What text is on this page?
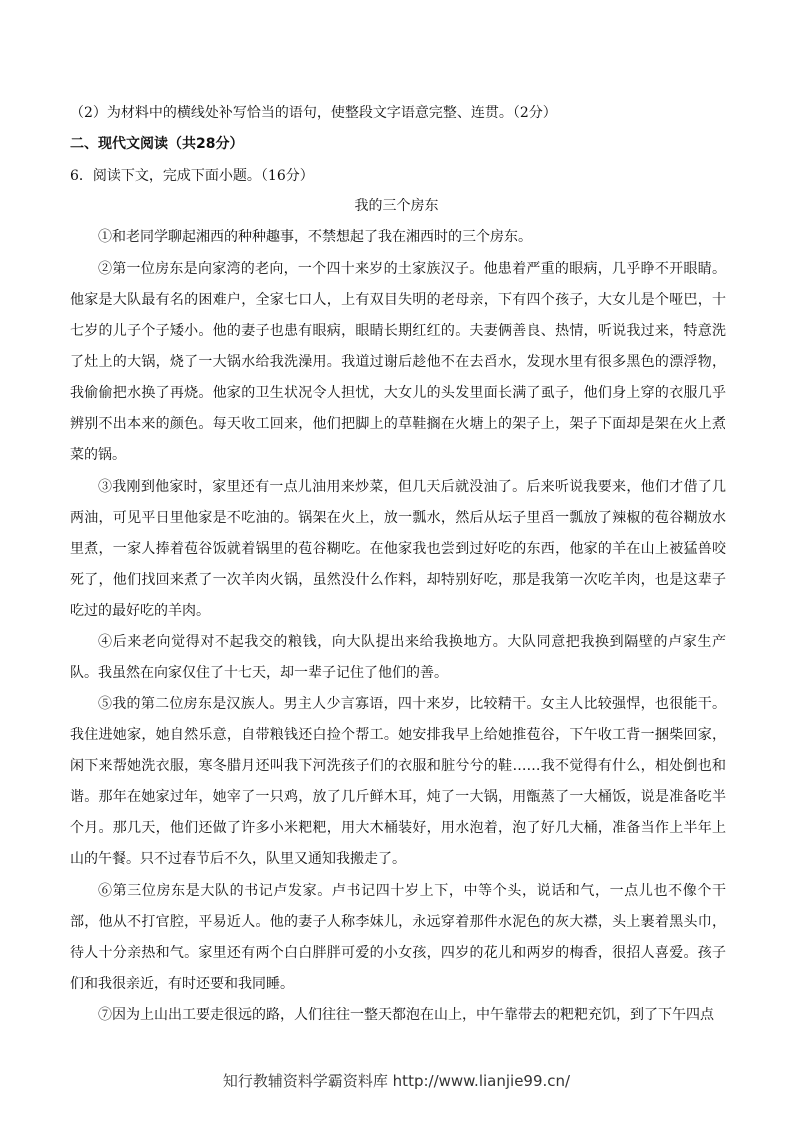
（2）为材料中的横线处补写恰当的语句，使整段文字语意完整、连贯。（2分）
二、现代文阅读（共28分）
6．阅读下文，完成下面小题。（16分）
我的三个房东

①和老同学聊起湘西的种种趣事，不禁想起了我在湘西时的三个房东。

②第一位房东是向家湾的老向，一个四十来岁的土家族汉子。他患着严重的眼病，几乎睁不开眼睛。他家是大队最有名的困难户，全家七口人，上有双目失明的老母亲，下有四个孩子，大女儿是个哑巴，十七岁的儿子个子矮小。他的妻子也患有眼病，眼睛长期红红的。夫妻俩善良、热情，听说我过来，特意洗了灶上的大锅，烧了一大锅水给我洗澡用。我道过谢后趁他不在去舀水，发现水里有很多黑色的漂浮物，我偷偷把水换了再烧。他家的卫生状况令人担忧，大女儿的头发里面长满了虱子，他们身上穿的衣服几乎辨别不出本来的颜色。每天收工回来，他们把脚上的草鞋搁在火塘上的架子上，架子下面却是架在火上煮菜的锅。

③我刚到他家时，家里还有一点儿油用来炒菜，但几天后就没油了。后来听说我要来，他们才借了几两油，可见平日里他家是不吃油的。锅架在火上，放一瓢水，然后从坛子里舀一瓢放了辣椒的苞谷糊放水里煮，一家人捧着苞谷饭就着锅里的苞谷糊吃。在他家我也尝到过好吃的东西，他家的羊在山上被猛兽咬死了，他们找回来煮了一次羊肉火锅，虽然没什么作料，却特别好吃，那是我第一次吃羊肉，也是这辈子吃过的最好吃的羊肉。

④后来老向觉得对不起我交的粮钱，向大队提出来给我换地方。大队同意把我换到隔壁的卢家生产队。我虽然在向家仅住了十七天，却一辈子记住了他们的善。

⑤我的第二位房东是汉族人。男主人少言寡语，四十来岁，比较精干。女主人比较强悍，也很能干。我住进她家，她自然乐意，自带粮钱还白捡个帮工。她安排我早上给她推苞谷，下午收工背一捆柴回家，闲下来帮她洗衣服，寒冬腊月还叫我下河洗孩子们的衣服和脏兮兮的鞋……我不觉得有什么，相处倒也和谐。那年在她家过年，她宰了一只鸡，放了几斤鲜木耳，炖了一大锅，用甑蒸了一大桶饭，说是准备吃半个月。那几天，他们还做了许多小米粑粑，用大木桶装好，用水泡着，泡了好几大桶，准备当作上半年上山的午餐。只不过春节后不久，队里又通知我搬走了。

⑥第三位房东是大队的书记卢发家。卢书记四十岁上下，中等个头，说话和气，一点儿也不像个干部，他从不打官腔，平易近人。他的妻子人称李妹儿，永远穿着那件水泥色的灰大襟，头上裹着黑头巾，待人十分亲热和气。家里还有两个白白胖胖可爱的小女孩，四岁的花儿和两岁的梅香，很招人喜爱。孩子们和我很亲近，有时还要和我同睡。

⑦因为上山出工要走很远的路，人们往往一整天都泡在山上，中午靠带去的粑粑充饥，到了下午四点

知行教辅资料学霸资料库 http://www.lianjie99.cn/
